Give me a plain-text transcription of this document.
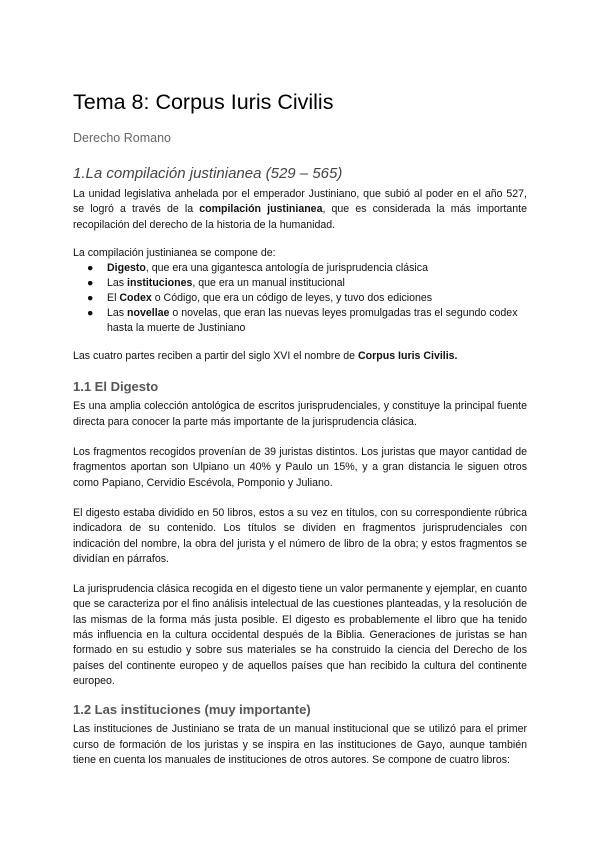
Tema 8: Corpus Iuris Civilis
Derecho Romano
1.La compilación justinianea (529 – 565)

La unidad legislativa anhelada por el emperador Justiniano, que subió al poder en el año 527, se logró a través de la compilación justinianea, que es considerada la más importante recopilación del derecho de la historia de la humanidad.

La compilación justinianea se compone de:

● Digesto, que era una gigantesca antología de jurisprudencia clásica
● Las instituciones, que era un manual institucional
● El Codex o Código, que era un código de leyes, y tuvo dos ediciones
● Las novellae o novelas, que eran las nuevas leyes promulgadas tras el segundo codex hasta la muerte de Justiniano

Las cuatro partes reciben a partir del siglo XVI el nombre de Corpus Iuris Civilis.

1.1 El Digesto

Es una amplia colección antológica de escritos jurisprudenciales, y constituye la principal fuente directa para conocer la parte más importante de la jurisprudencia clásica.

Los fragmentos recogidos provenían de 39 juristas distintos. Los juristas que mayor cantidad de fragmentos aportan son Ulpiano un 40% y Paulo un 15%, y a gran distancia le siguen otros como Papiano, Cervidio Escévola, Pomponio y Juliano.

El digesto estaba dividido en 50 libros, estos a su vez en títulos, con su correspondiente rúbrica indicadora de su contenido. Los títulos se dividen en fragmentos jurisprudenciales con indicación del nombre, la obra del jurista y el número de libro de la obra; y estos fragmentos se dividían en párrafos.

La jurisprudencia clásica recogida en el digesto tiene un valor permanente y ejemplar, en cuanto que se caracteriza por el fino análisis intelectual de las cuestiones planteadas, y la resolución de las mismas de la forma más justa posible. El digesto es probablemente el libro que ha tenido más influencia en la cultura occidental después de la Biblia. Generaciones de juristas se han formado en su estudio y sobre sus materiales se ha construido la ciencia del Derecho de los países del continente europeo y de aquellos países que han recibido la cultura del continente europeo.

1.2 Las instituciones (muy importante)

Las instituciones de Justiniano se trata de un manual institucional que se utilizó para el primer curso de formación de los juristas y se inspira en las instituciones de Gayo, aunque también tiene en cuenta los manuales de instituciones de otros autores. Se compone de cuatro libros:
